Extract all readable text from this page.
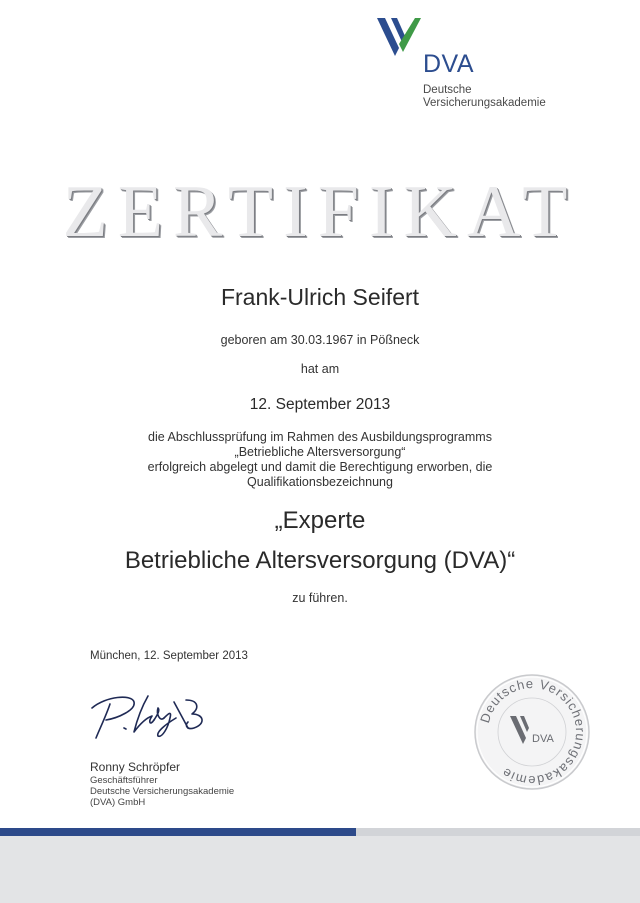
DVA
Deutsche
Versicherungsakademie
ZERTIFIKAT
Frank-Ulrich Seifert
geboren am 30.03.1967 in Pößneck
hat am
12. September 2013
die Abschlussprüfung im Rahmen des Ausbildungsprogramms
„Betriebliche Altersversorgung“
erfolgreich abgelegt und damit die Berechtigung erworben, die
Qualifikationsbezeichnung
„Experte
Betriebliche Altersversorgung (DVA)“
zu führen.
München, 12. September 2013
Ronny Schröpfer
Geschäftsführer
Deutsche Versicherungsakademie
(DVA) GmbH
Deutsche Versicherungsakademie
DVA
